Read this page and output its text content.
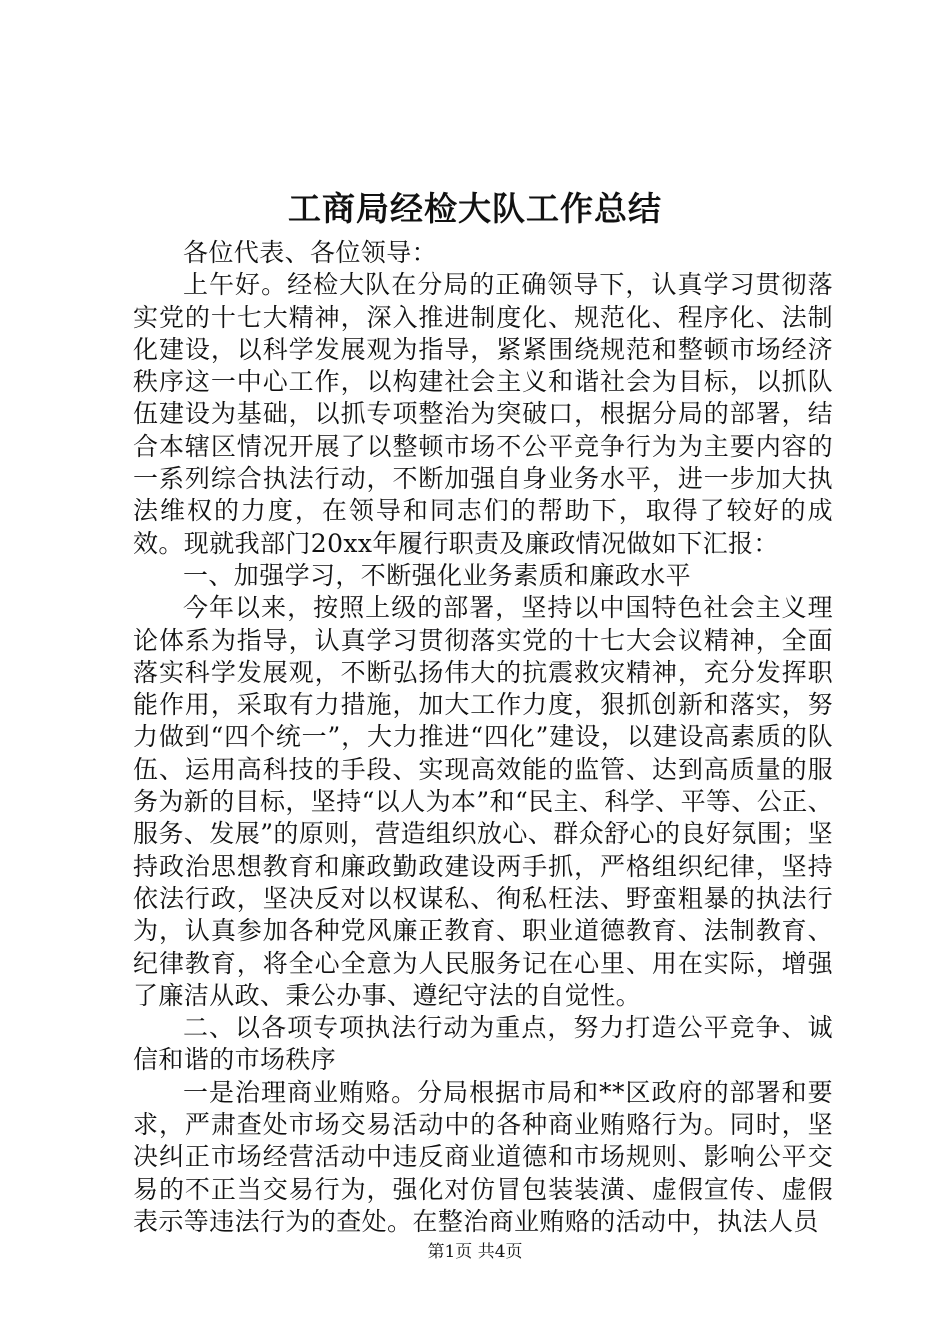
工商局经检大队工作总结

各位代表、各位领导：

上午好。经检大队在分局的正确领导下，认真学习贯彻落实党的十七大精神，深入推进制度化、规范化、程序化、法制化建设，以科学发展观为指导，紧紧围绕规范和整顿市场经济秩序这一中心工作，以构建社会主义和谐社会为目标，以抓队伍建设为基础，以抓专项整治为突破口，根据分局的部署，结合本辖区情况开展了以整顿市场不公平竞争行为为主要内容的一系列综合执法行动，不断加强自身业务水平，进一步加大执法维权的力度，在领导和同志们的帮助下，取得了较好的成效。现就我部门20xx年履行职责及廉政情况做如下汇报：

一、加强学习，不断强化业务素质和廉政水平

今年以来，按照上级的部署，坚持以中国特色社会主义理论体系为指导，认真学习贯彻落实党的十七大会议精神，全面落实科学发展观，不断弘扬伟大的抗震救灾精神，充分发挥职能作用，采取有力措施，加大工作力度，狠抓创新和落实，努力做到“四个统一”，大力推进“四化”建设，以建设高素质的队伍、运用高科技的手段、实现高效能的监管、达到高质量的服务为新的目标，坚持“以人为本”和“民主、科学、平等、公正、服务、发展”的原则，营造组织放心、群众舒心的良好氛围；坚持政治思想教育和廉政勤政建设两手抓，严格组织纪律，坚持依法行政，坚决反对以权谋私、徇私枉法、野蛮粗暴的执法行为，认真参加各种党风廉正教育、职业道德教育、法制教育、纪律教育，将全心全意为人民服务记在心里、用在实际，增强了廉洁从政、秉公办事、遵纪守法的自觉性。

二、以各项专项执法行动为重点，努力打造公平竞争、诚信和谐的市场秩序

一是治理商业贿赂。分局根据市局和**区政府的部署和要求，严肃查处市场交易活动中的各种商业贿赂行为。同时，坚决纠正市场经营活动中违反商业道德和市场规则、影响公平交易的不正当交易行为，强化对仿冒包装装潢、虚假宣传、虚假表示等违法行为的查处。在整治商业贿赂的活动中，执法人员

第1页 共4页
